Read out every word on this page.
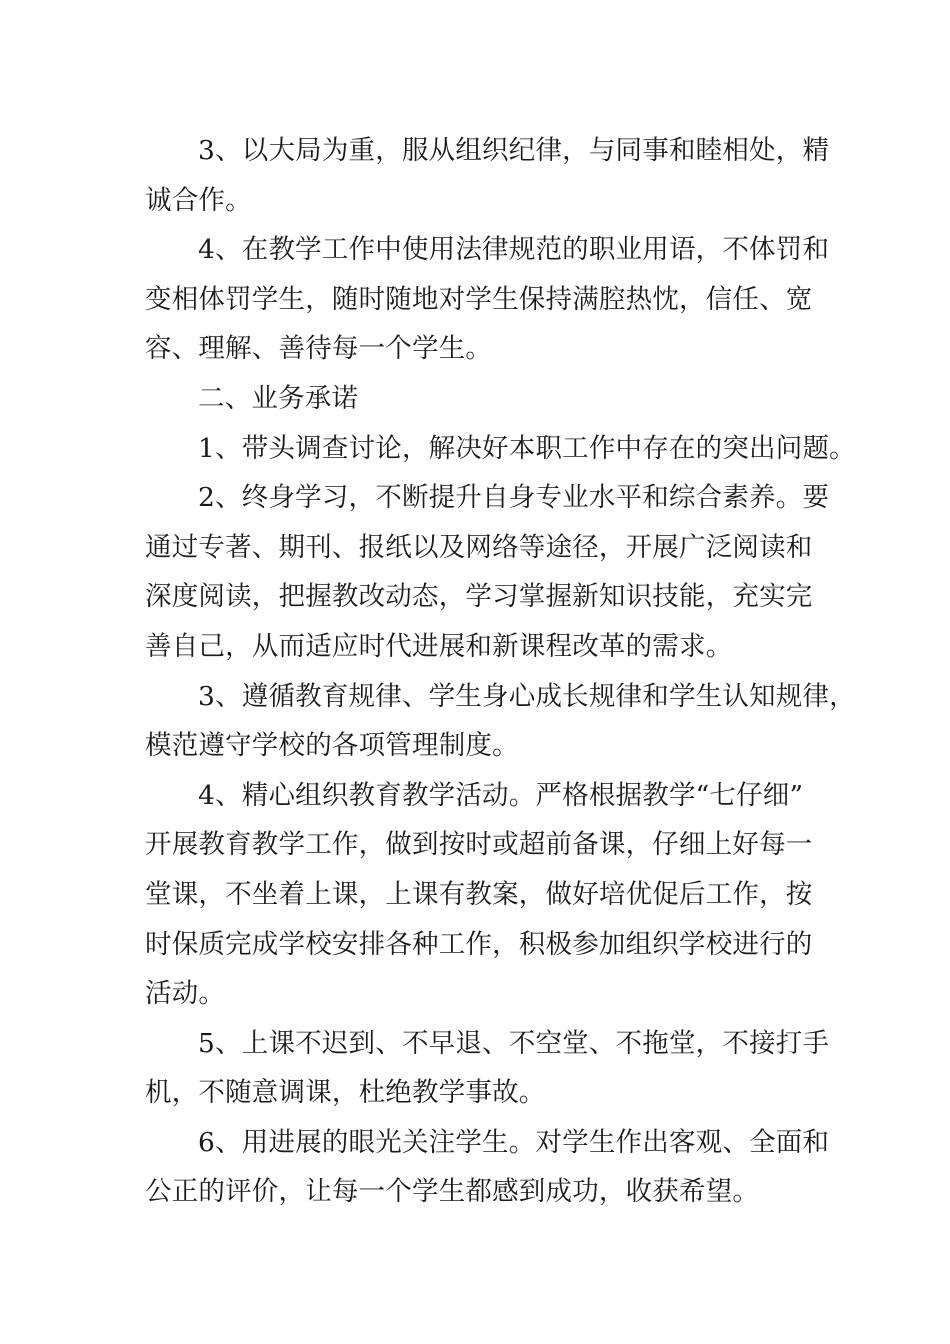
3、以大局为重，服从组织纪律，与同事和睦相处，精
诚合作。

4、在教学工作中使用法律规范的职业用语，不体罚和
变相体罚学生，随时随地对学生保持满腔热忱，信任、宽
容、理解、善待每一个学生。

二、业务承诺

1、带头调查讨论，解决好本职工作中存在的突出问题。

2、终身学习，不断提升自身专业水平和综合素养。要
通过专著、期刊、报纸以及网络等途径，开展广泛阅读和
深度阅读，把握教改动态，学习掌握新知识技能，充实完
善自己，从而适应时代进展和新课程改革的需求。

3、遵循教育规律、学生身心成长规律和学生认知规律，
模范遵守学校的各项管理制度。

4、精心组织教育教学活动。严格根据教学“七仔细”
开展教育教学工作，做到按时或超前备课，仔细上好每一
堂课，不坐着上课，上课有教案，做好培优促后工作，按
时保质完成学校安排各种工作，积极参加组织学校进行的
活动。

5、上课不迟到、不早退、不空堂、不拖堂，不接打手
机，不随意调课，杜绝教学事故。

6、用进展的眼光关注学生。对学生作出客观、全面和
公正的评价，让每一个学生都感到成功，收获希望。
